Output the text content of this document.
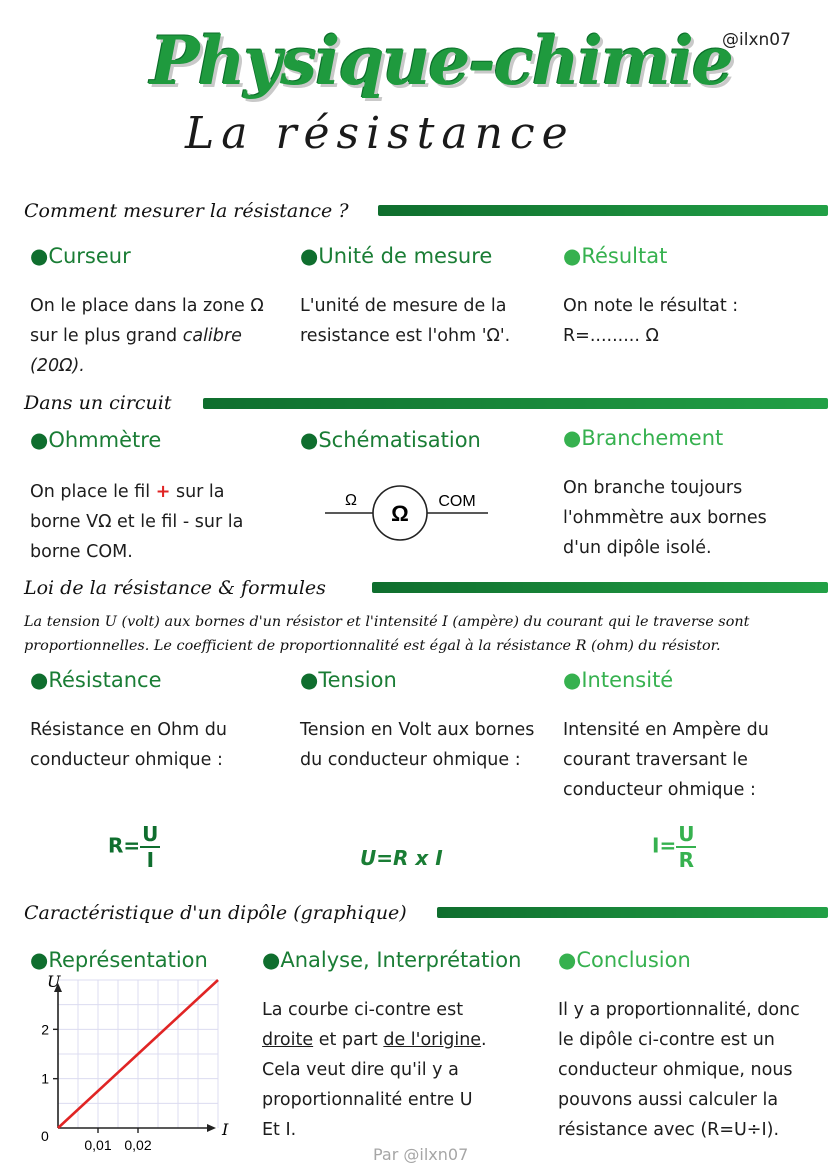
Physique-chimie
La résistance
@ilxn07
Comment mesurer la résistance ?
●Curseur
On le place dans la zone Ω sur le plus grand calibre (20Ω).
●Unité de mesure
L'unité de mesure de la resistance est l'ohm 'Ω'.
●Résultat
On note le résultat :
R=......... Ω
Dans un circuit
●Ohmmètre
On place le fil + sur la borne VΩ et le fil - sur la borne COM.
●Schématisation
Ω
Ω COM
●Branchement
On branche toujours l'ohmmètre aux bornes d'un dipôle isolé.
Loi de la résistance & formules
La tension U (volt) aux bornes d'un résistor et l'intensité I (ampère) du courant qui le traverse sont proportionnelles. Le coefficient de proportionnalité est égal à la résistance R (ohm) du résistor.
●Résistance
Résistance en Ohm du conducteur ohmique :
$R= \frac{U}{I}$
●Tension
Tension en Volt aux bornes du conducteur ohmique :
U=R x I
●Intensité
Intensité en Ampère du courant traversant le conducteur ohmique :
$I= \frac{U}{R}$
Caractéristique d'un dipôle (graphique)
●Représentation
1
2
0,01 0,02
U
I
0
●Analyse, Interprétation
La courbe ci-contre est
droite et part de l'origine.
Cela veut dire qu'il y a
proportionnalité entre U
Et I.
●Conclusion
Il y a proportionnalité, donc le dipôle ci-contre est un conducteur ohmique, nous pouvons aussi calculer la résistance avec (R=U÷I).
Par @ilxn07
